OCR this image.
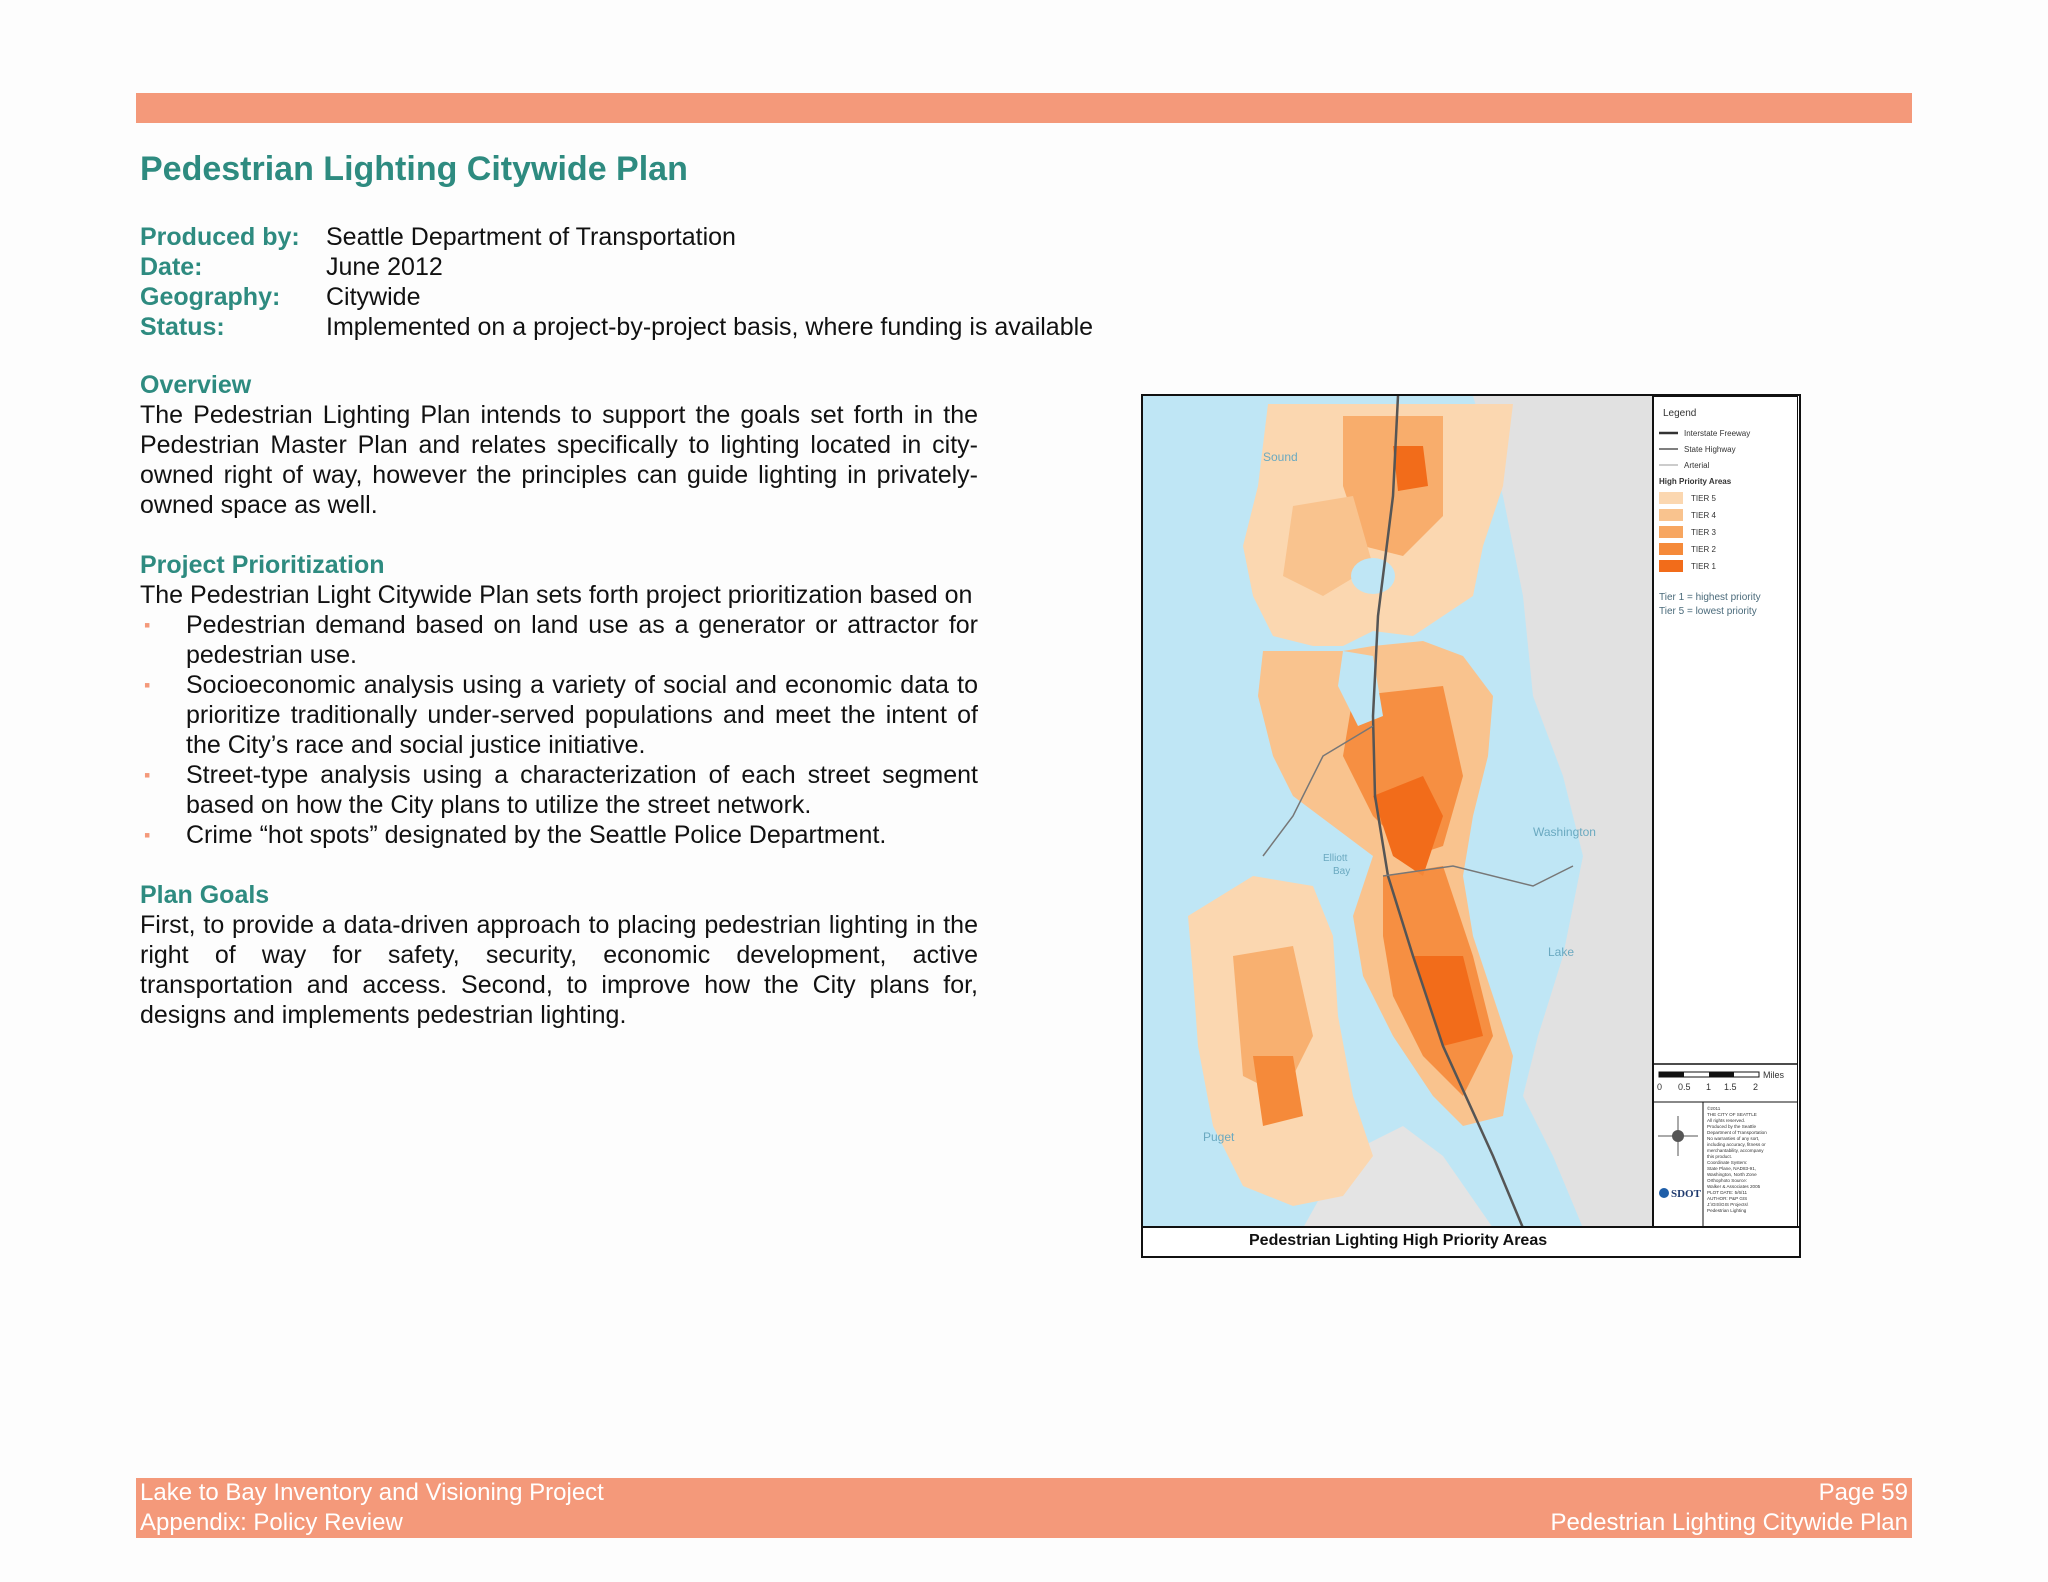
Pedestrian Lighting Citywide Plan
Produced by:	Seattle Department of Transportation
Date:	June 2012
Geography:	Citywide
Status:	Implemented on a project-by-project basis, where funding is available
Overview

The Pedestrian Lighting Plan intends to support the goals set forth in the Pedestrian Master Plan and relates specifically to lighting located in city-owned right of way, however the principles can guide lighting in privately-owned space as well.

Project Prioritization

The Pedestrian Light Citywide Plan sets forth project prioritization based on

▪ Pedestrian demand based on land use as a generator or attractor for pedestrian use.
▪ Socioeconomic analysis using a variety of social and economic data to prioritize traditionally under-served populations and meet the intent of the City’s race and social justice initiative.
▪ Street-type analysis using a characterization of each street segment based on how the City plans to utilize the street network.
▪ Crime “hot spots” designated by the Seattle Police Department.
Plan Goals

First, to provide a data-driven approach to placing pedestrian lighting in the right of way for safety, security, economic development, active transportation and access. Second, to improve how the City plans for, designs and implements pedestrian lighting.

Sound
Puget
Lake
Washington
Elliott
Bay
Legend
Interstate Freeway
State Highway
Arterial
High Priority Areas
TIER 5
TIER 4
TIER 3
TIER 2
TIER 1
Tier 1 = highest priority
Tier 5 = lowest priority
Miles
0 0.5 1 1.5 2
SDOT
©2011
THE CITY OF SEATTLE
All rights reserved.
Produced by the Seattle
Department of Transportation
No warranties of any sort,
including accuracy, fitness or
merchantability, accompany
this product.
Coordinate System:
State Plane, NAD83-91,
Washington, North Zone
Orthophoto Source:
Walker & Associates 2005
PLOT DATE: 5/6/11
AUTHOR: P&P GIS
J:\GIS\GIS Projects\
Pedestrian Lighting
Pedestrian Lighting High Priority Areas
Lake to Bay Inventory and Visioning Project
Appendix: Policy Review
Page 59
Pedestrian Lighting Citywide Plan
